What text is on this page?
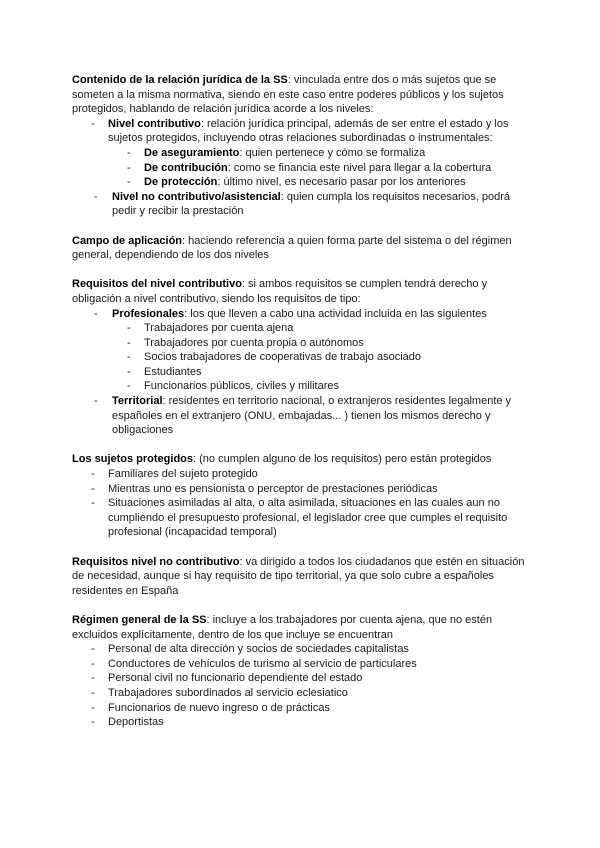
Contenido de la relación jurídica de la SS: vinculada entre dos o más sujetos que se someten a la misma normativa, siendo en este caso entre poderes públicos y los sujetos protegidos, hablando de relación jurídica acorde a los niveles:

- Nivel contributivo: relación jurídica principal, además de ser entre el estado y los sujetos protegidos, incluyendo otras relaciones subordinadas o instrumentales:
- De aseguramiento: quien pertenece y cómo se formaliza
- De contribución: como se financia este nivel para llegar a la cobertura
- De protección: último nivel, es necesario pasar por los anteriores
- Nivel no contributivo/asistencial: quien cumpla los requisitos necesarios, podrá pedir y recibir la prestación

Campo de aplicación: haciendo referencia a quien forma parte del sistema o del régimen general, dependiendo de los dos niveles

Requisitos del nivel contributivo: si ambos requisitos se cumplen tendrá derecho y obligación a nivel contributivo, siendo los requisitos de tipo:

- Profesionales: los que lleven a cabo una actividad incluida en las siguientes
- Trabajadores por cuenta ajena
- Trabajadores por cuenta propia o autónomos
- Socios trabajadores de cooperativas de trabajo asociado
- Estudiantes
- Funcionarios públicos, civiles y militares
- Territorial: residentes en territorio nacional, o extranjeros residentes legalmente y españoles en el extranjero (ONU, embajadas... ) tienen los mismos derecho y obligaciones

Los sujetos protegidos: (no cumplen alguno de los requisitos) pero están protegidos

- Familiares del sujeto protegido
- Mientras uno es pensionista o perceptor de prestaciones periódicas
- Situaciones asimiladas al alta, o alta asimilada, situaciones en las cuales aun no cumpliendo el presupuesto profesional, el legislador cree que cumples el requisito profesional (incapacidad temporal)

Requisitos nivel no contributivo: va dirigido a todos los ciudadanos que estén en situación de necesidad, aunque si hay requisito de tipo territorial, ya que solo cubre a españoles residentes en España

Régimen general de la SS: incluye a los trabajadores por cuenta ajena, que no estén excluidos explícitamente, dentro de los que incluye se encuentran

- Personal de alta dirección y socios de sociedades capitalistas
- Conductores de vehículos de turismo al servicio de particulares
- Personal civil no funcionario dependiente del estado
- Trabajadores subordinados al servicio eclesiatico
- Funcionarios de nuevo ingreso o de prácticas
- Deportistas
